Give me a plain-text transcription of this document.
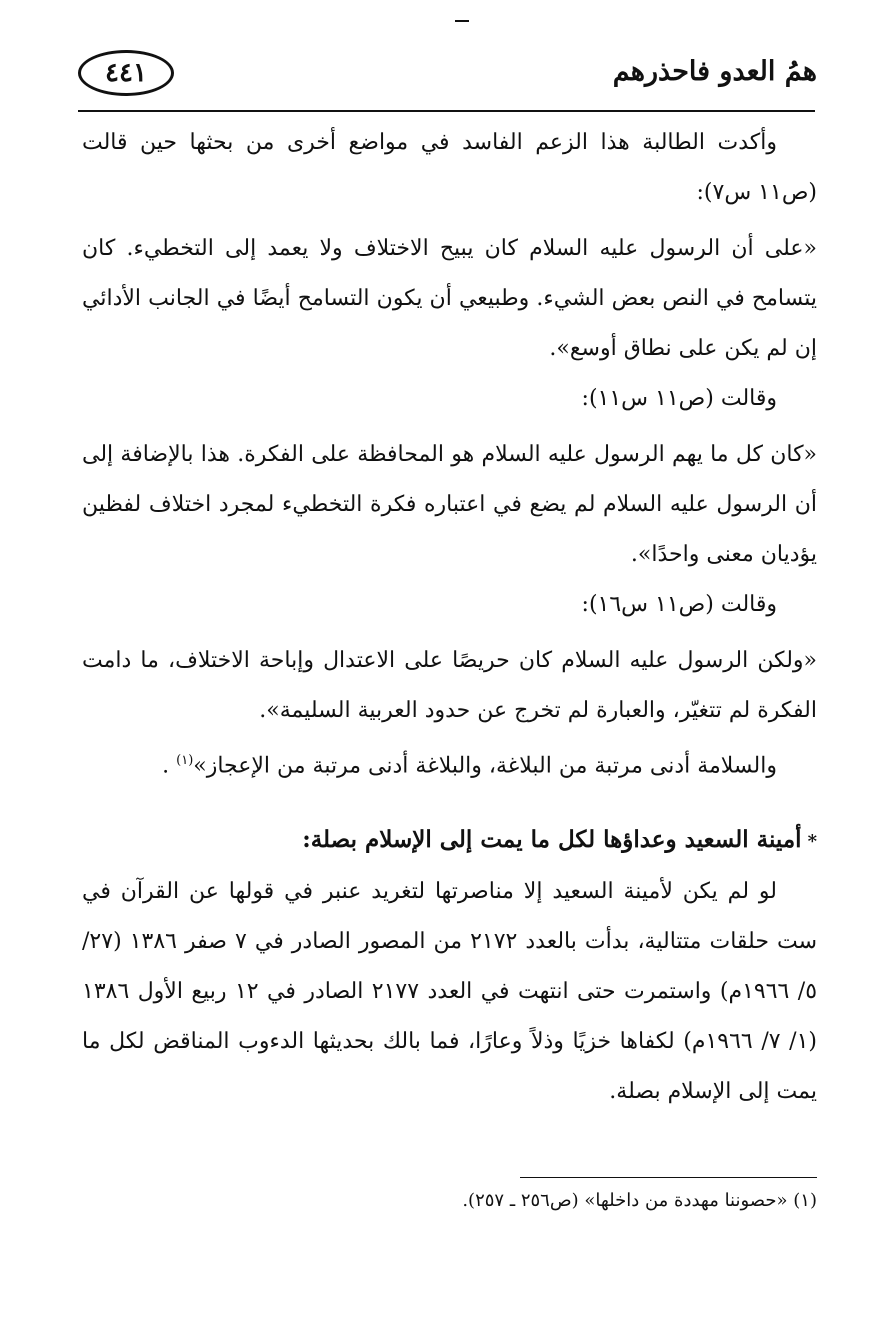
٤٤١	همُ العدو فاحذرهم

وأكدت الطالبة هذا الزعم الفاسد في مواضع أخرى من بحثها حين قالت (ص١١ س٧):

«على أن الرسول عليه السلام كان يبيح الاختلاف ولا يعمد إلى التخطيء. كان يتسامح في النص بعض الشيء. وطبيعي أن يكون التسامح أيضًا في الجانب الأدائي إن لم يكن على نطاق أوسع».

وقالت (ص١١ س١١):

«كان كل ما يهم الرسول عليه السلام هو المحافظة على الفكرة. هذا بالإضافة إلى أن الرسول عليه السلام لم يضع في اعتباره فكرة التخطيء لمجرد اختلاف لفظين يؤديان معنى واحدًا».

وقالت (ص١١ س١٦):

«ولكن الرسول عليه السلام كان حريصًا على الاعتدال وإباحة الاختلاف، ما دامت الفكرة لم تتغيّر، والعبارة لم تخرج عن حدود العربية السليمة».

والسلامة أدنى مرتبة من البلاغة، والبلاغة أدنى مرتبة من الإعجاز»$^{(١)}$ .

*أمينة السعيد وعداؤها لكل ما يمت إلى الإسلام بصلة:

لو لم يكن لأمينة السعيد إلا مناصرتها لتغريد عنبر في قولها عن القرآن في ست حلقات متتالية، بدأت بالعدد ٢١٧٢ من المصور الصادر في ٧ صفر ١٣٨٦ (٢٧/ ٥/ ١٩٦٦م) واستمرت حتى انتهت في العدد ٢١٧٧ الصادر في ١٢ ربيع الأول ١٣٨٦ (١/ ٧/ ١٩٦٦م) لكفاها خزيًا وذلاً وعارًا، فما بالك بحديثها الدءوب المناقض لكل ما يمت إلى الإسلام بصلة.

(١) «حصوننا مهددة من داخلها» (ص٢٥٦ ـ ٢٥٧).
